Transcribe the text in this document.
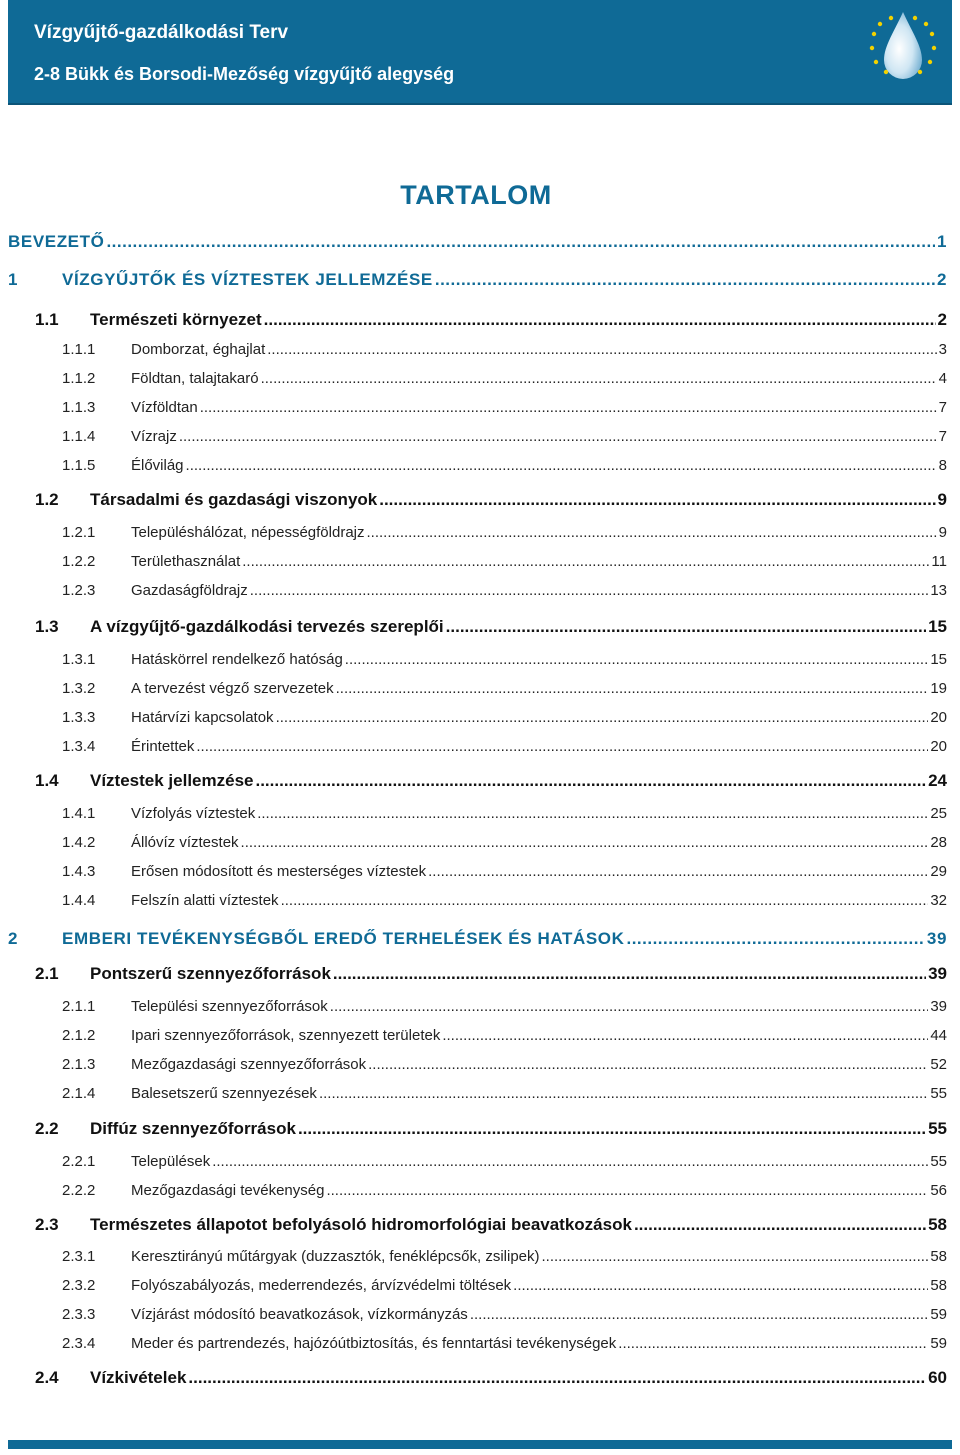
Vízgyűjtő-gazdálkodási Terv
2-8 Bükk és Borsodi-Mezőség vízgyűjtő alegység
TARTALOM
BEVEZETŐ .....	1
1	VÍZGYŰJTŐK ÉS VÍZTESTEK JELLEMZÉSE .....	2
1.1	Természeti környezet .....	2
1.1.1	Domborzat, éghajlat .....	3
1.1.2	Földtan, talajtakaró .....	4
1.1.3	Vízföldtan .....	7
1.1.4	Vízrajz .....	7
1.1.5	Élővilág .....	8
1.2	Társadalmi és gazdasági viszonyok .....	9
1.2.1	Településhálózat, népességföldrajz .....	9
1.2.2	Területhasználat .....	11
1.2.3	Gazdaságföldrajz .....	13
1.3	A vízgyűjtő-gazdálkodási tervezés szereplői .....	15
1.3.1	Hatáskörrel rendelkező hatóság .....	15
1.3.2	A tervezést végző szervezetek .....	19
1.3.3	Határvízi kapcsolatok .....	20
1.3.4	Érintettek .....	20
1.4	Víztestek jellemzése .....	24
1.4.1	Vízfolyás víztestek .....	25
1.4.2	Állóvíz víztestek .....	28
1.4.3	Erősen módosított és mesterséges víztestek .....	29
1.4.4	Felszín alatti víztestek .....	32
2	EMBERI TEVÉKENYSÉGBŐL EREDŐ TERHELÉSEK ÉS HATÁSOK .....	39
2.1	Pontszerű szennyezőforrások .....	39
2.1.1	Települési szennyezőforrások .....	39
2.1.2	Ipari szennyezőforrások, szennyezett területek .....	44
2.1.3	Mezőgazdasági szennyezőforrások .....	52
2.1.4	Balesetszerű szennyezések .....	55
2.2	Diffúz szennyezőforrások .....	55
2.2.1	Települések .....	55
2.2.2	Mezőgazdasági tevékenység .....	56
2.3	Természetes állapotot befolyásoló hidromorfológiai beavatkozások .....	58
2.3.1	Keresztirányú műtárgyak (duzzasztók, fenéklépcsők, zsilipek) .....	58
2.3.2	Folyószabályozás, mederrendezés, árvízvédelmi töltések .....	58
2.3.3	Vízjárást módosító beavatkozások, vízkormányzás .....	59
2.3.4	Meder és partrendezés, hajózóútbiztosítás, és fenntartási tevékenységek .....	59
2.4	Vízkivételek .....	60
